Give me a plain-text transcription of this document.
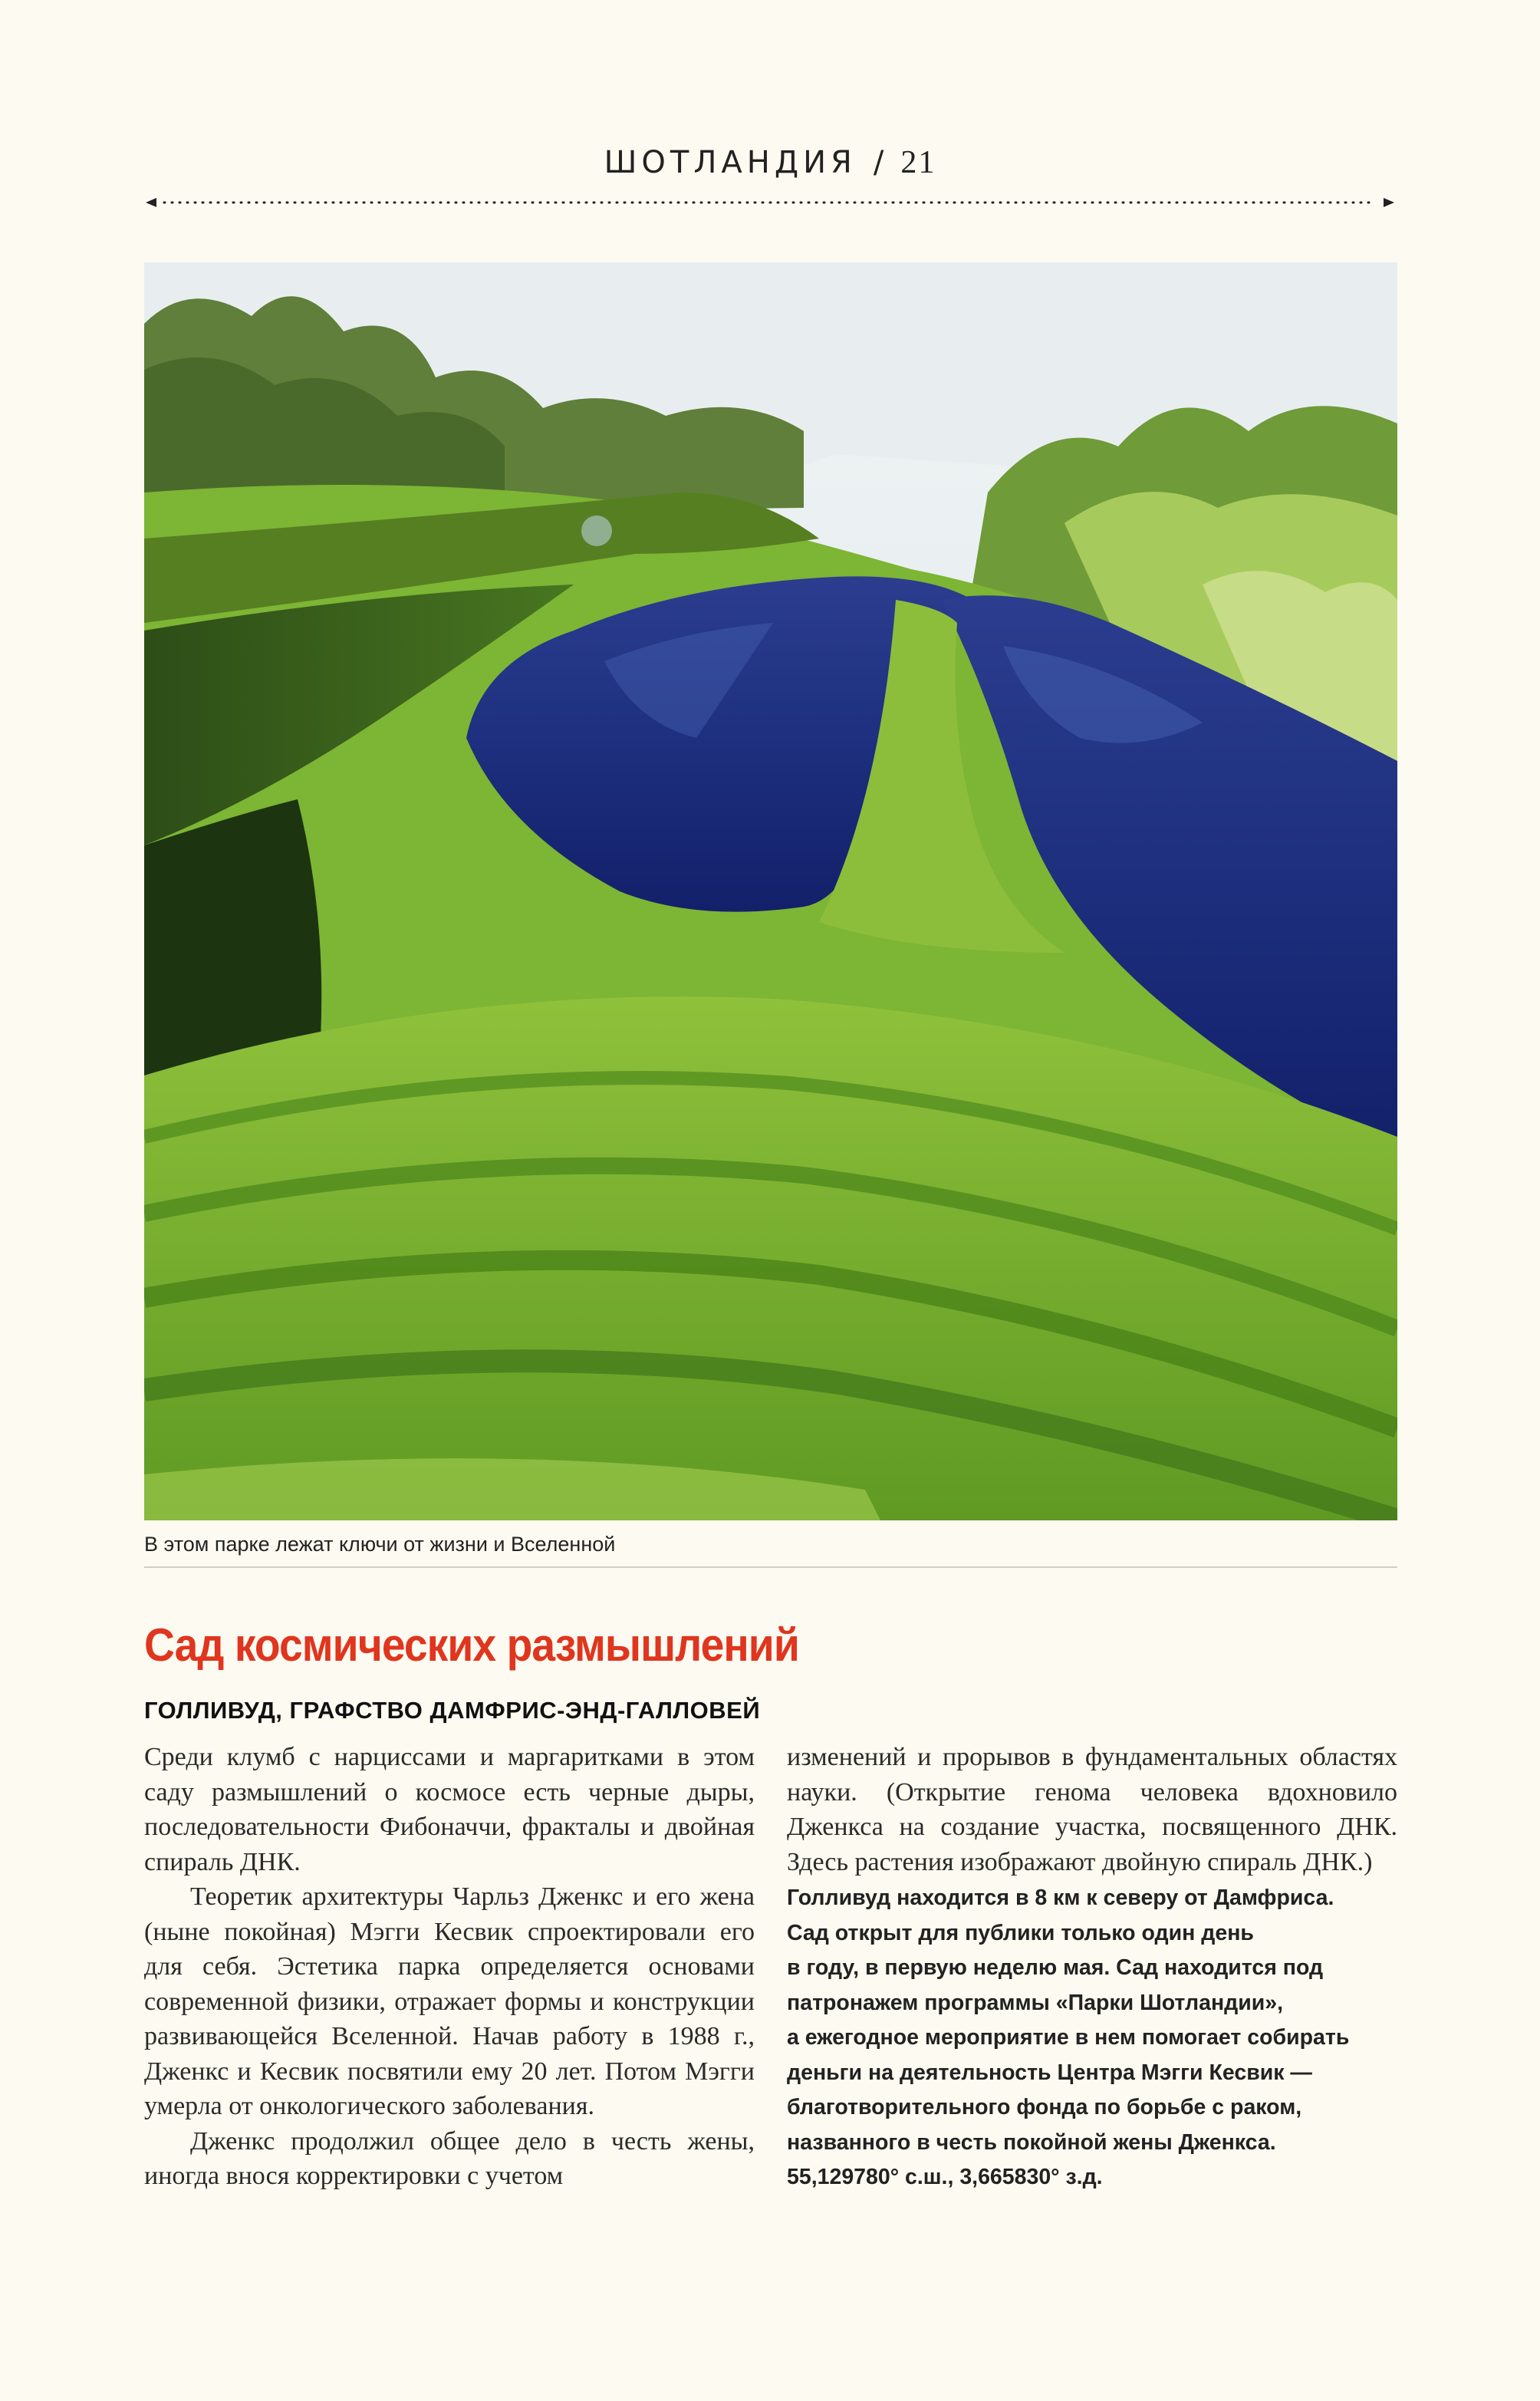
ШОТЛАНДИЯ / 21
В этом парке лежат ключи от жизни и Вселенной
Сад космических размышлений
ГОЛЛИВУД, ГРАФСТВО ДАМФРИС-ЭНД-ГАЛЛОВЕЙ

Среди клумб с нарциссами и маргаритками в этом саду размышлений о космосе есть черные дыры, последовательности Фибоначчи, фракталы и двойная спираль ДНК.

Теоретик архитектуры Чарльз Дженкс и его жена (ныне покойная) Мэгги Кесвик спроектировали его для себя. Эстетика парка определяется основами современной физики, отражает формы и конструкции развивающейся Вселенной. Начав работу в 1988 г., Дженкс и Кесвик посвятили ему 20 лет. Потом Мэгги умерла от онкологического заболевания.

Дженкс продолжил общее дело в честь жены, иногда внося корректировки с учетом

изменений и прорывов в фундаментальных областях науки. (Открытие генома человека вдохновило Дженкса на создание участка, посвященного ДНК. Здесь растения изображают двойную спираль ДНК.)

Голливуд находится в 8 км к северу от Дамфриса.
Сад открыт для публики только один день
в году, в первую неделю мая. Сад находится под
патронажем программы «Парки Шотландии»,
а ежегодное мероприятие в нем помогает собирать
деньги на деятельность Центра Мэгги Кесвик —
благотворительного фонда по борьбе с раком,
названного в честь покойной жены Дженкса.
55,129780° с.ш., 3,665830° з.д.
